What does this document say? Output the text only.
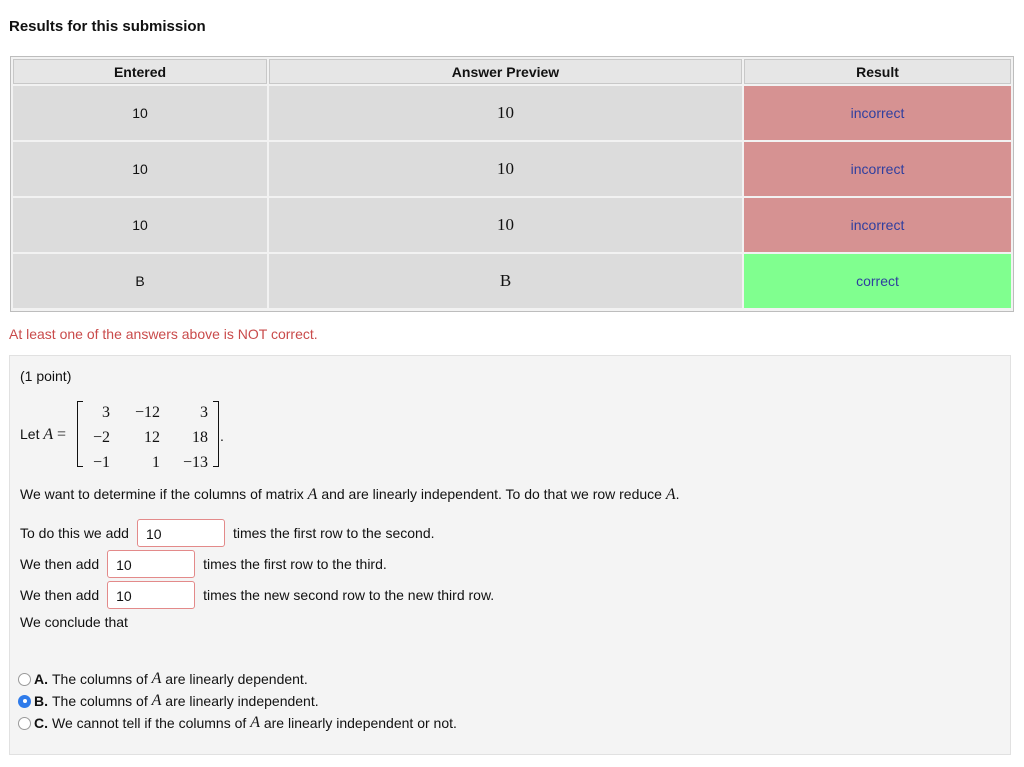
Results for this submission
Entered	Answer Preview	Result
10	10	incorrect
10	10	incorrect
10	10	incorrect
B	B	correct
At least one of the answers above is NOT correct.
(1 point)
Let A =
3	−12	3
−2	12	18
−1	1	−13
.
We want to determine if the columns of matrix A and are linearly independent. To do that we row reduce A.
To do this we add	10	times the first row to the second.
We then add	10	times the first row to the third.
We then add	10	times the new second row to the new third row.
We conclude that
A. The columns of
A
are linearly dependent.
B. The columns of
A
are linearly independent.
C. We cannot tell if the columns of
A
are linearly independent or not.
